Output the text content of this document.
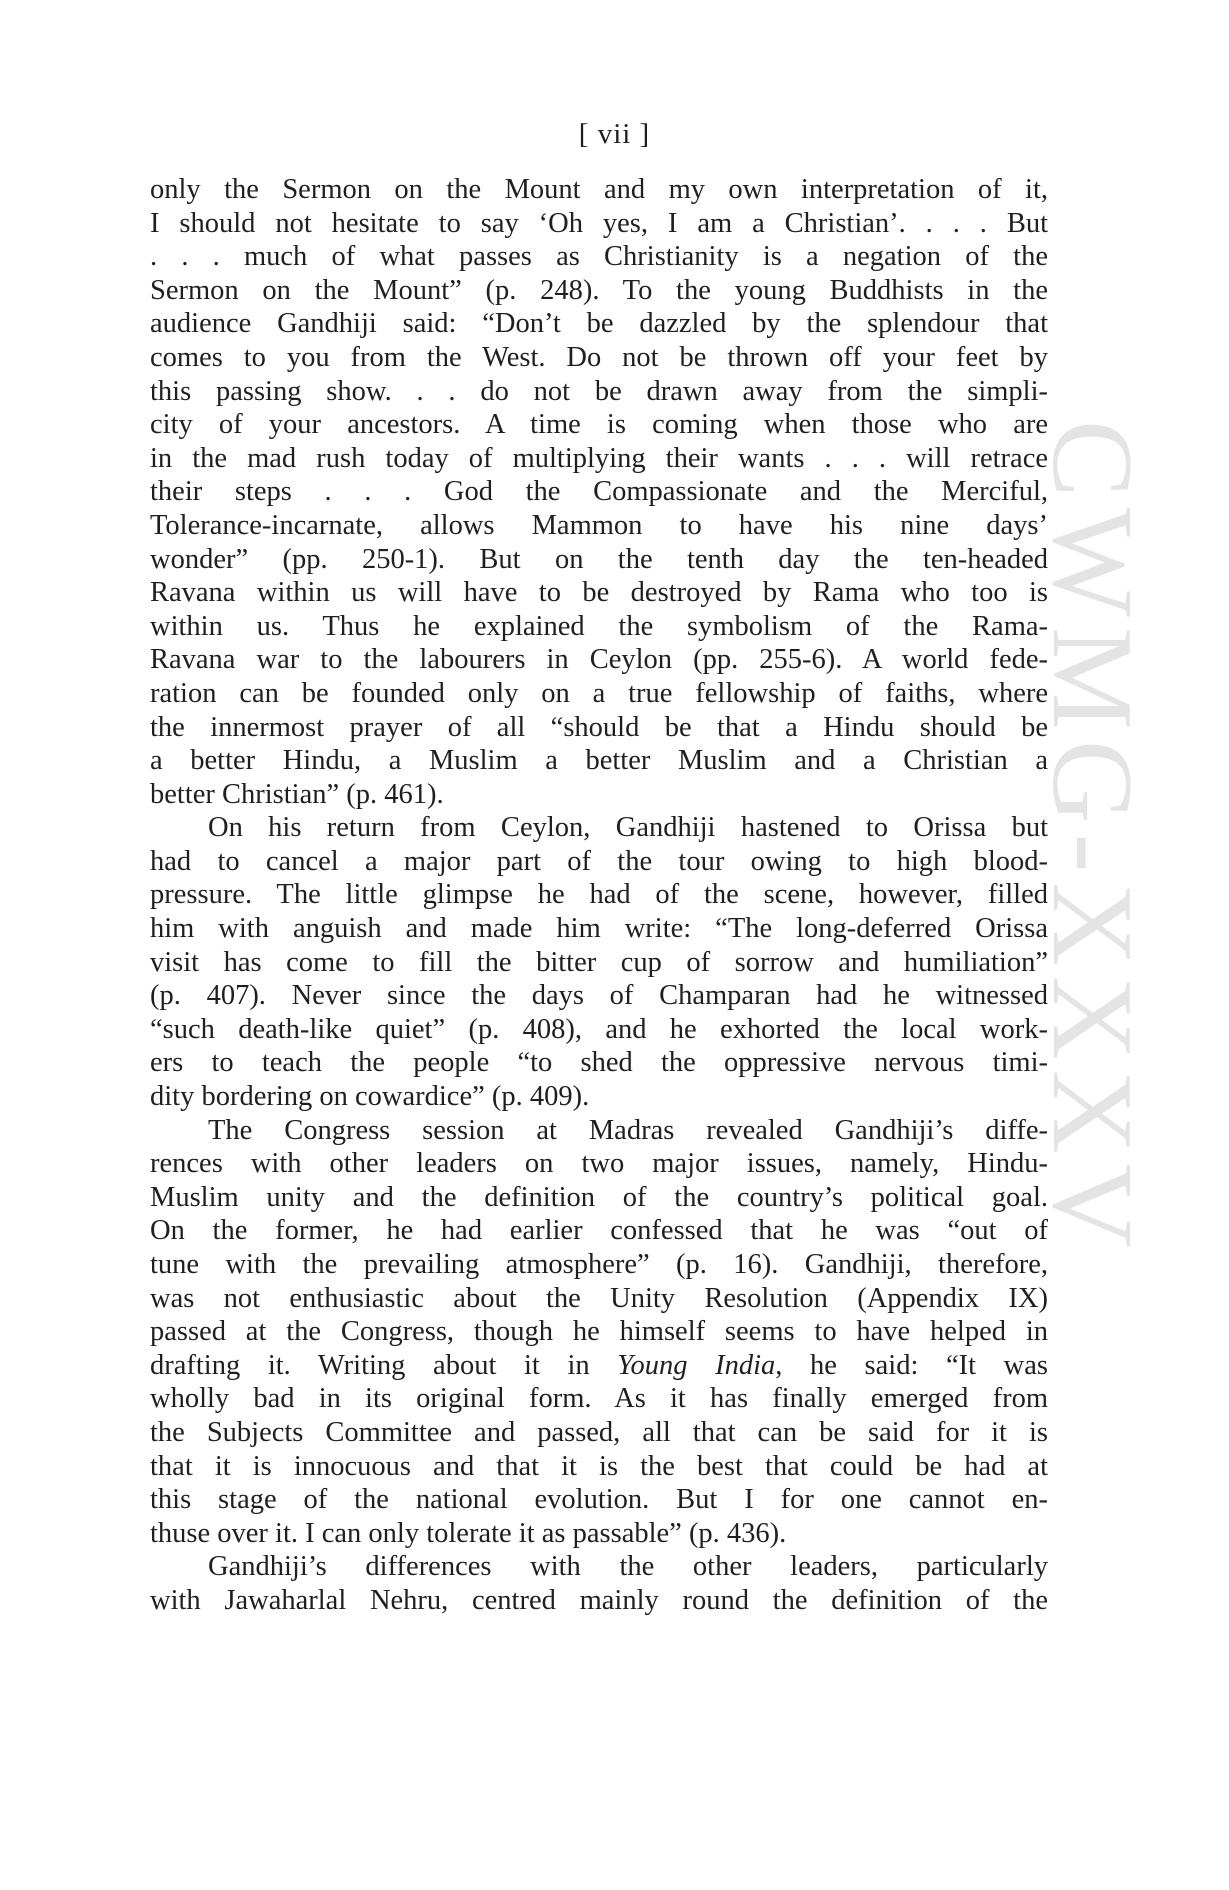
[ vii ]
CWMG-XXXV

only the Sermon on the Mount and my own interpretation of it,

I should not hesitate to say ‘Oh yes, I am a Christian’. . . . But

. . . much of what passes as Christianity is a negation of the

Sermon on the Mount” (p. 248). To the young Buddhists in the

audience Gandhiji said: “Don’t be dazzled by the splendour that

comes to you from the West. Do not be thrown off your feet by

this passing show. . . do not be drawn away from the simpli-

city of your ancestors. A time is coming when those who are

in the mad rush today of multiplying their wants . . . will retrace

their steps . . . God the Compassionate and the Merciful,

Tolerance-incarnate, allows Mammon to have his nine days’

wonder” (pp. 250-1). But on the tenth day the ten-headed

Ravana within us will have to be destroyed by Rama who too is

within us. Thus he explained the symbolism of the Rama-

Ravana war to the labourers in Ceylon (pp. 255-6). A world fede-

ration can be founded only on a true fellowship of faiths, where

the innermost prayer of all “should be that a Hindu should be

a better Hindu, a Muslim a better Muslim and a Christian a

better Christian” (p. 461).

On his return from Ceylon, Gandhiji hastened to Orissa but

had to cancel a major part of the tour owing to high blood-

pressure. The little glimpse he had of the scene, however, filled

him with anguish and made him write: “The long-deferred Orissa

visit has come to fill the bitter cup of sorrow and humiliation”

(p. 407). Never since the days of Champaran had he witnessed

“such death-like quiet” (p. 408), and he exhorted the local work-

ers to teach the people “to shed the oppressive nervous timi-

dity bordering on cowardice” (p. 409).

The Congress session at Madras revealed Gandhiji’s diffe-

rences with other leaders on two major issues, namely, Hindu-

Muslim unity and the definition of the country’s political goal.

On the former, he had earlier confessed that he was “out of

tune with the prevailing atmosphere” (p. 16). Gandhiji, therefore,

was not enthusiastic about the Unity Resolution (Appendix IX)

passed at the Congress, though he himself seems to have helped in

drafting it. Writing about it in Young India, he said: “It was

wholly bad in its original form. As it has finally emerged from

the Subjects Committee and passed, all that can be said for it is

that it is innocuous and that it is the best that could be had at

this stage of the national evolution. But I for one cannot en-

thuse over it. I can only tolerate it as passable” (p. 436).

Gandhiji’s differences with the other leaders, particularly

with Jawaharlal Nehru, centred mainly round the definition of the
